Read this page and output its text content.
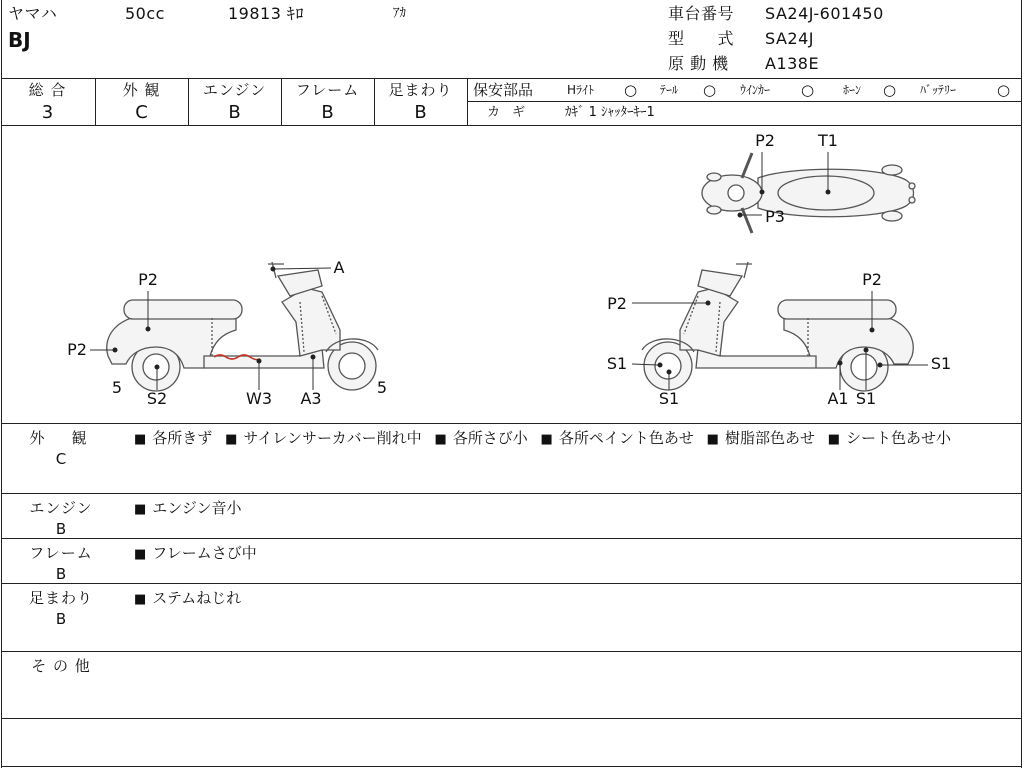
ヤマハ	50cc	19813 ｷﾛ	ｱｶ
BJ
車台番号 SA24J-601450
型　　式 SA24J
原 動 機 A138E
総 合
3
外 観
C
エンジン
B
フレーム
B
足まわり
B
保安部品	Hﾗｲﾄ ○ ﾃｰﾙ ○ ｳｲﾝｶｰ ○ ﾎｰﾝ ○ ﾊﾞｯﾃﾘｰ	○
カ ギ	ｶｷﾞ 1 ｼｬｯﾀｰｷｰ1
P2	T1
P3
A
P2
P2
5
S2	W3 A3
5
P2
P2
S1	S1
S1	A1 S1
外　観
C
■ 各所きず ■ サイレンサーカバー削れ中 ■ 各所さび小 ■ 各所ペイント色あせ ■ 樹脂部色あせ ■ シート色あせ小
エンジン
B
■ エンジン音小
フレーム
B
■ フレームさび中
足まわり
B
■ ステムねじれ
そ の 他
